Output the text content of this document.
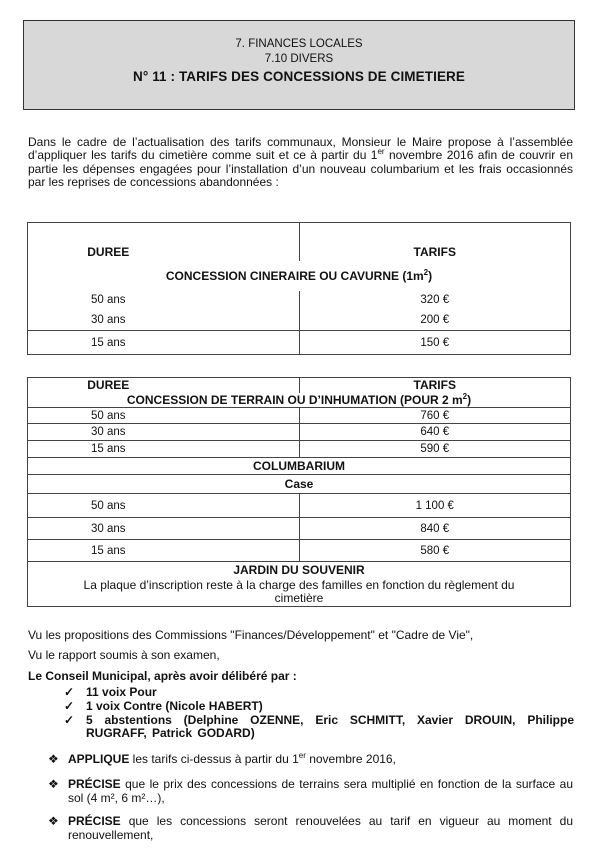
7. FINANCES LOCALES
7.10 DIVERS
N° 11 : TARIFS DES CONCESSIONS DE CIMETIERE
Dans le cadre de l’actualisation des tarifs communaux, Monsieur le Maire propose à l’assemblée d’appliquer les tarifs du cimetière comme suit et ce à partir du 1er novembre 2016 afin de couvrir en partie les dépenses engagées pour l’installation d’un nouveau columbarium et les frais occasionnés par les reprises de concessions abandonnées :
DUREE	TARIFS
CONCESSION CINERAIRE OU CAVURNE $(1m^2)$	
50 ans	320 €
30 ans	200 €
15 ans	150 €
DUREE	TARIFS
CONCESSION DE TERRAIN OU D’INHUMATION (POUR 2 $m^2$)	
50 ans	760 €
30 ans	640 €
15 ans	590 €
COLUMBARIUM	
Case	
50 ans	1 100 €
30 ans	840 €
15 ans	580 €
JARDIN DU SOUVENIR	
La plaque d’inscription reste à la charge des familles en fonction du règlement du cimetière	
Vu les propositions des Commissions "Finances/Développement" et "Cadre de Vie",
Vu le rapport soumis à son examen,
Le Conseil Municipal, après avoir délibéré par :
✓ 11 voix Pour
✓ 1 voix Contre (Nicole HABERT)
✓ 5 abstentions (Delphine OZENNE, Eric SCHMITT, Xavier DROUIN, Philippe RUGRAFF, Patrick GODARD)
❖ APPLIQUE les tarifs ci-dessus à partir du 1er novembre 2016,
❖ PRÉCISE que le prix des concessions de terrains sera multiplié en fonction de la surface au sol (4 m², 6 m²…),
❖ PRÉCISE que les concessions seront renouvelées au tarif en vigueur au moment du renouvellement,
